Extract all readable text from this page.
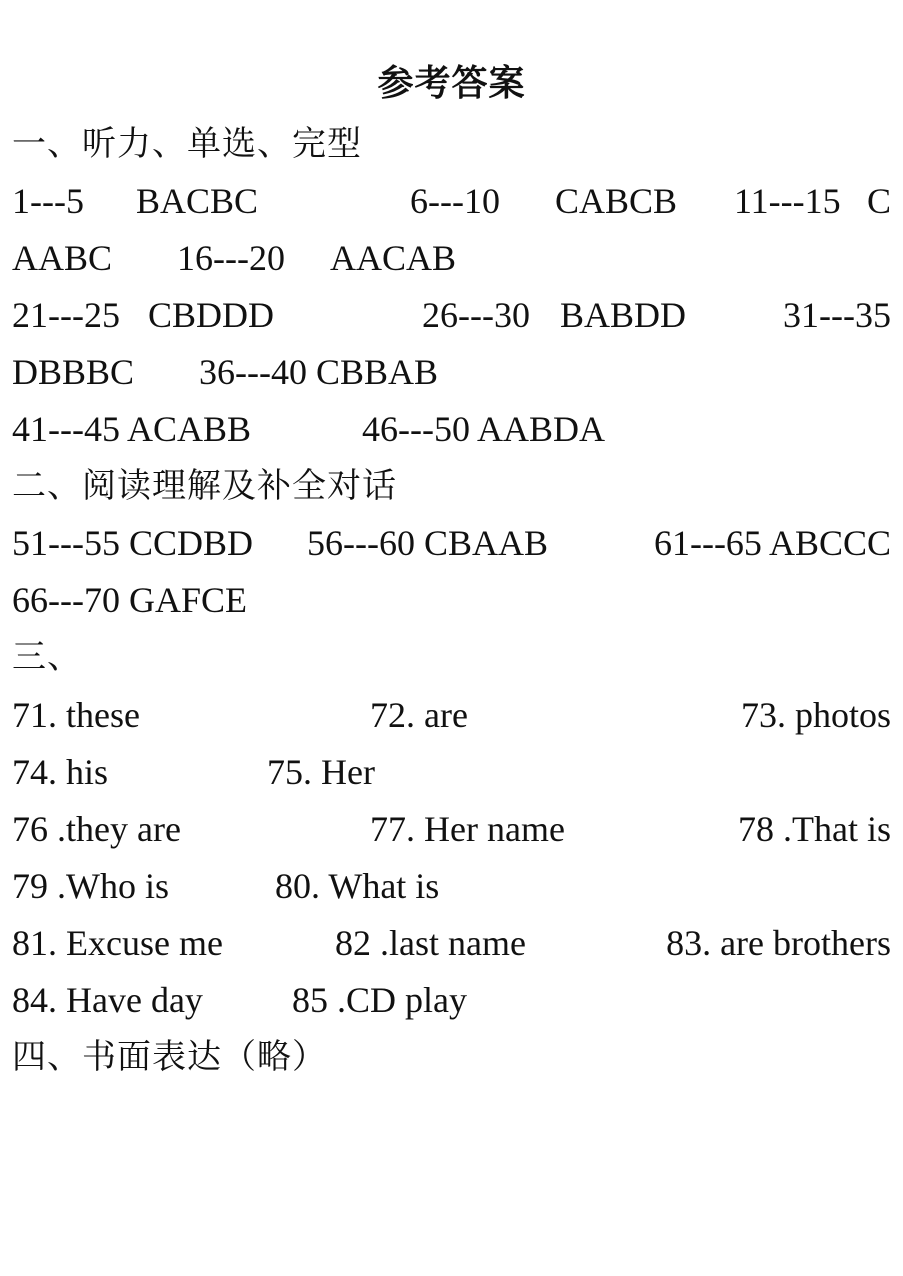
参考答案
一、听力、单选、完型
1---5 BACBC	6---10 CABCB 11---15 C
AABC 16---20 AACAB
21---25 CBDDD	26---30 BABDD	31---35
DBBBC 36---40 CBBAB
41---45 ACABB	46---50 AABDA
二、阅读理解及补全对话
51---55 CCDBD 56---60 CBAAB	61---65 ABCCC
66---70 GAFCE
三、
71. these	72. are	73. photos
74. his	75. Her
76 .they are	77. Her name	78 .That is
79 .Who is	80. What is
81. Excuse me	82 .last name	83. are brothers
84. Have day 85 .CD play
四、书面表达（略）
